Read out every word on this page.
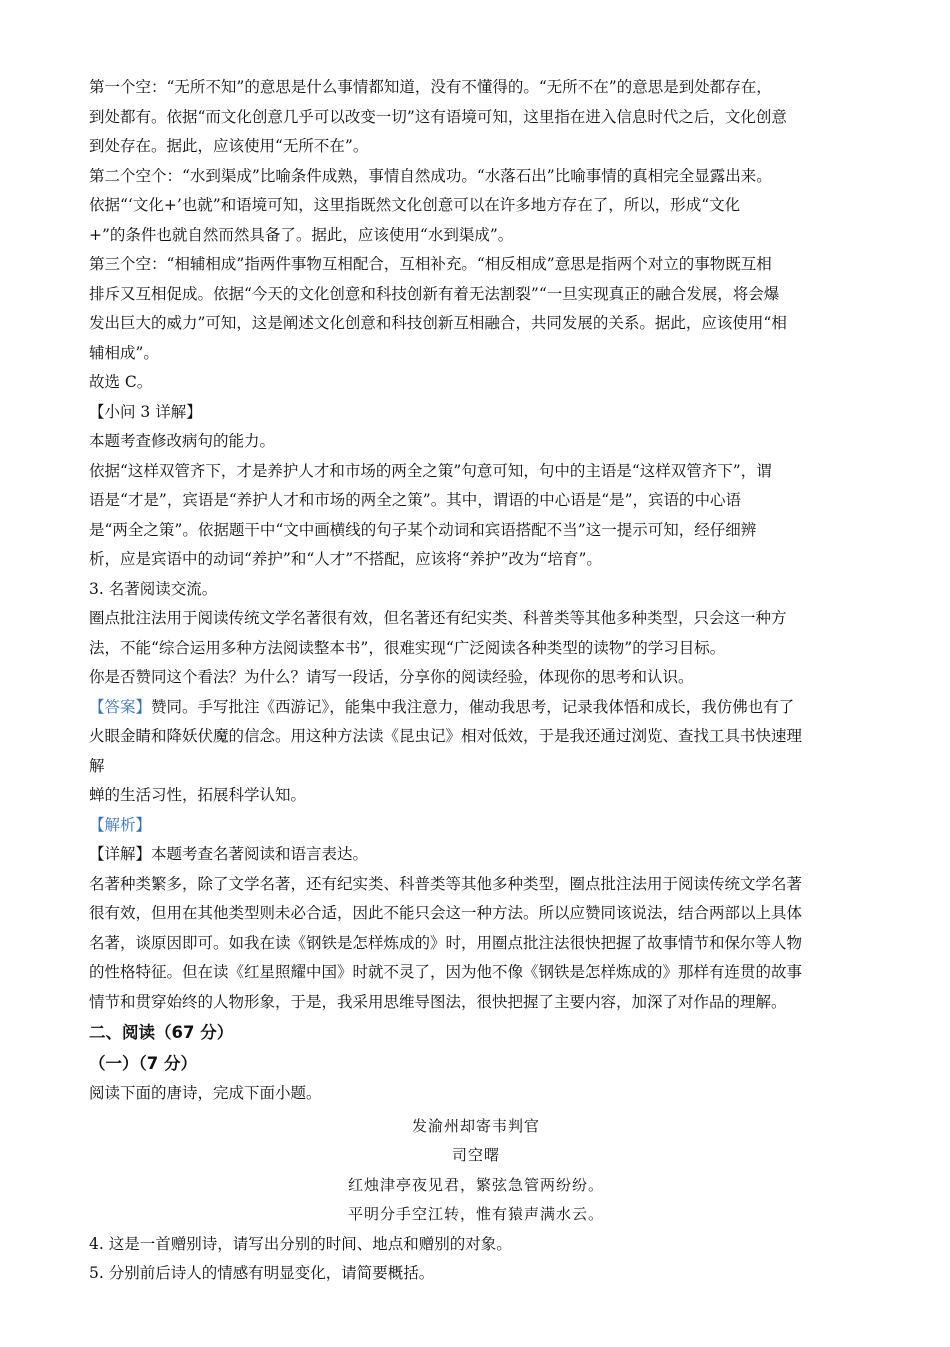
第一个空：“无所不知”的意思是什么事情都知道，没有不懂得的。“无所不在”的意思是到处都存在，

到处都有。依据“而文化创意几乎可以改变一切”这有语境可知，这里指在进入信息时代之后，文化创意

到处存在。据此，应该使用“无所不在”。

第二个空个：“水到渠成”比喻条件成熟，事情自然成功。“水落石出”比喻事情的真相完全显露出来。

依据“‘文化+’也就”和语境可知，这里指既然文化创意可以在许多地方存在了，所以，形成“文化

+”的条件也就自然而然具备了。据此，应该使用“水到渠成”。

第三个空：“相辅相成”指两件事物互相配合，互相补充。“相反相成”意思是指两个对立的事物既互相

排斥又互相促成。依据“今天的文化创意和科技创新有着无法割裂”“一旦实现真正的融合发展，将会爆

发出巨大的威力”可知，这是阐述文化创意和科技创新互相融合，共同发展的关系。据此，应该使用“相

辅相成”。

故选 C。

【小问 3 详解】

本题考查修改病句的能力。

依据“这样双管齐下，才是养护人才和市场的两全之策”句意可知，句中的主语是“这样双管齐下”，谓

语是“才是”，宾语是“养护人才和市场的两全之策”。其中，谓语的中心语是“是”，宾语的中心语

是“两全之策”。依据题干中“文中画横线的句子某个动词和宾语搭配不当”这一提示可知，经仔细辨

析，应是宾语中的动词“养护”和“人才”不搭配，应该将“养护”改为“培育”。

3. 名著阅读交流。

圈点批注法用于阅读传统文学名著很有效，但名著还有纪实类、科普类等其他多种类型，只会这一种方

法，不能“综合运用多种方法阅读整本书”，很难实现“广泛阅读各种类型的读物”的学习目标。

你是否赞同这个看法？为什么？请写一段话，分享你的阅读经验，体现你的思考和认识。

【答案】赞同。手写批注《西游记》，能集中我注意力，催动我思考，记录我体悟和成长，我仿佛也有了

火眼金睛和降妖伏魔的信念。用这种方法读《昆虫记》相对低效，于是我还通过浏览、查找工具书快速理

解

蝉的生活习性，拓展科学认知。

【解析】

【详解】本题考查名著阅读和语言表达。

名著种类繁多，除了文学名著，还有纪实类、科普类等其他多种类型，圈点批注法用于阅读传统文学名著

很有效，但用在其他类型则未必合适，因此不能只会这一种方法。所以应赞同该说法，结合两部以上具体

名著，谈原因即可。如我在读《钢铁是怎样炼成的》时，用圈点批注法很快把握了故事情节和保尔等人物

的性格特征。但在读《红星照耀中国》时就不灵了，因为他不像《钢铁是怎样炼成的》那样有连贯的故事

情节和贯穿始终的人物形象，于是，我采用思维导图法，很快把握了主要内容，加深了对作品的理解。

二、阅读（67 分）

（一）（7 分）

阅读下面的唐诗，完成下面小题。

发渝州却寄韦判官

司空曙

红烛津亭夜见君，繁弦急管两纷纷。

平明分手空江转，惟有猿声满水云。

4. 这是一首赠别诗，请写出分别的时间、地点和赠别的对象。

5. 分别前后诗人的情感有明显变化，请简要概括。
